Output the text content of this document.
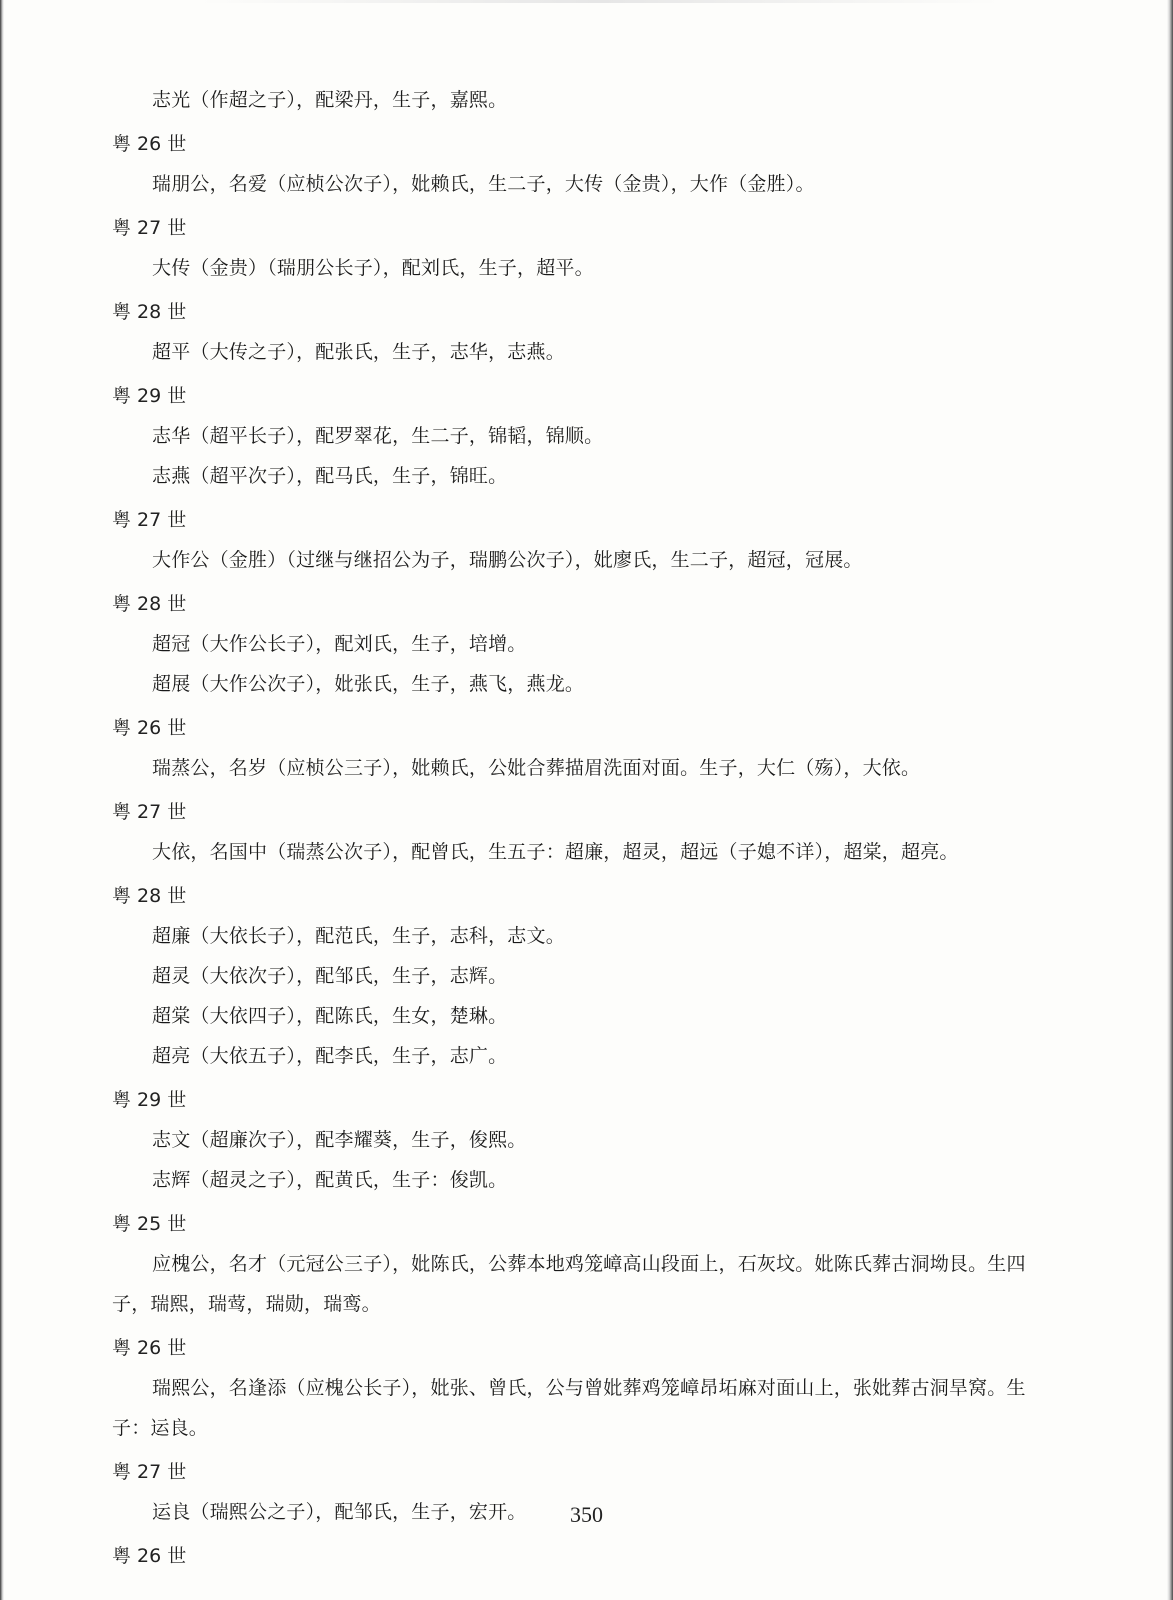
志光（作超之子），配梁丹，生子，嘉熙。

粤 26 世

瑞朋公，名爱（应桢公次子），妣赖氏，生二子，大传（金贵），大作（金胜）。

粤 27 世

大传（金贵）（瑞朋公长子），配刘氏，生子，超平。

粤 28 世

超平（大传之子），配张氏，生子，志华，志燕。

粤 29 世

志华（超平长子），配罗翠花，生二子，锦韬，锦顺。

志燕（超平次子），配马氏，生子，锦旺。

粤 27 世

大作公（金胜）（过继与继招公为子，瑞鹏公次子），妣廖氏，生二子，超冠，冠展。

粤 28 世

超冠（大作公长子），配刘氏，生子，培增。

超展（大作公次子），妣张氏，生子，燕飞，燕龙。

粤 26 世

瑞蒸公，名岁（应桢公三子），妣赖氏，公妣合葬描眉洗面对面。生子，大仁（殇），大依。

粤 27 世

大依，名国中（瑞蒸公次子），配曾氏，生五子：超廉，超灵，超远（子媳不详），超棠，超亮。

粤 28 世

超廉（大依长子），配范氏，生子，志科，志文。

超灵（大依次子），配邹氏，生子，志辉。

超棠（大依四子），配陈氏，生女，楚琳。

超亮（大依五子），配李氏，生子，志广。

粤 29 世

志文（超廉次子），配李耀葵，生子，俊熙。

志辉（超灵之子），配黄氏，生子：俊凯。

粤 25 世

应槐公，名才（元冠公三子），妣陈氏，公葬本地鸡笼嶂高山段面上，石灰坟。妣陈氏葬古洞坳艮。生四子，瑞熙，瑞莺，瑞勋，瑞鸾。

粤 26 世

瑞熙公，名逢添（应槐公长子），妣张、曾氏，公与曾妣葬鸡笼嶂昂坧麻对面山上，张妣葬古洞旱窝。生子：运良。

粤 27 世

运良（瑞熙公之子），配邹氏，生子，宏开。

粤 26 世
350
